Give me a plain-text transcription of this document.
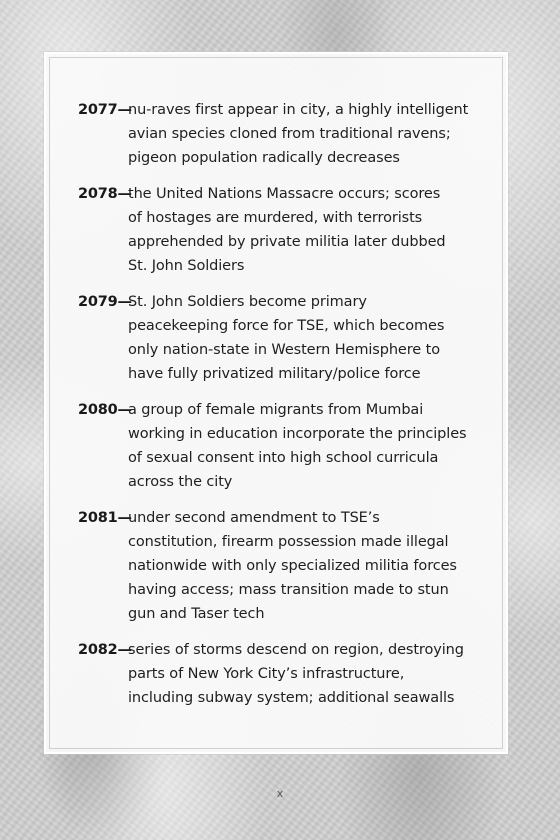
2077—
nu-raves first appear in city, a highly intelligent
avian species cloned from traditional ravens;
pigeon population radically decreases
2078—
the United Nations Massacre occurs; scores
of hostages are murdered, with terrorists
apprehended by private militia later dubbed
St. John Soldiers
2079—
St. John Soldiers become primary
peacekeeping force for TSE, which becomes
only nation-state in Western Hemisphere to
have fully privatized military/police force
2080—
a group of female migrants from Mumbai
working in education incorporate the principles
of sexual consent into high school curricula
across the city
2081—
under second amendment to TSE’s
constitution, firearm possession made illegal
nationwide with only specialized militia forces
having access; mass transition made to stun
gun and Taser tech
2082—
series of storms descend on region, destroying
parts of New York City’s infrastructure,
including subway system; additional seawalls
x
